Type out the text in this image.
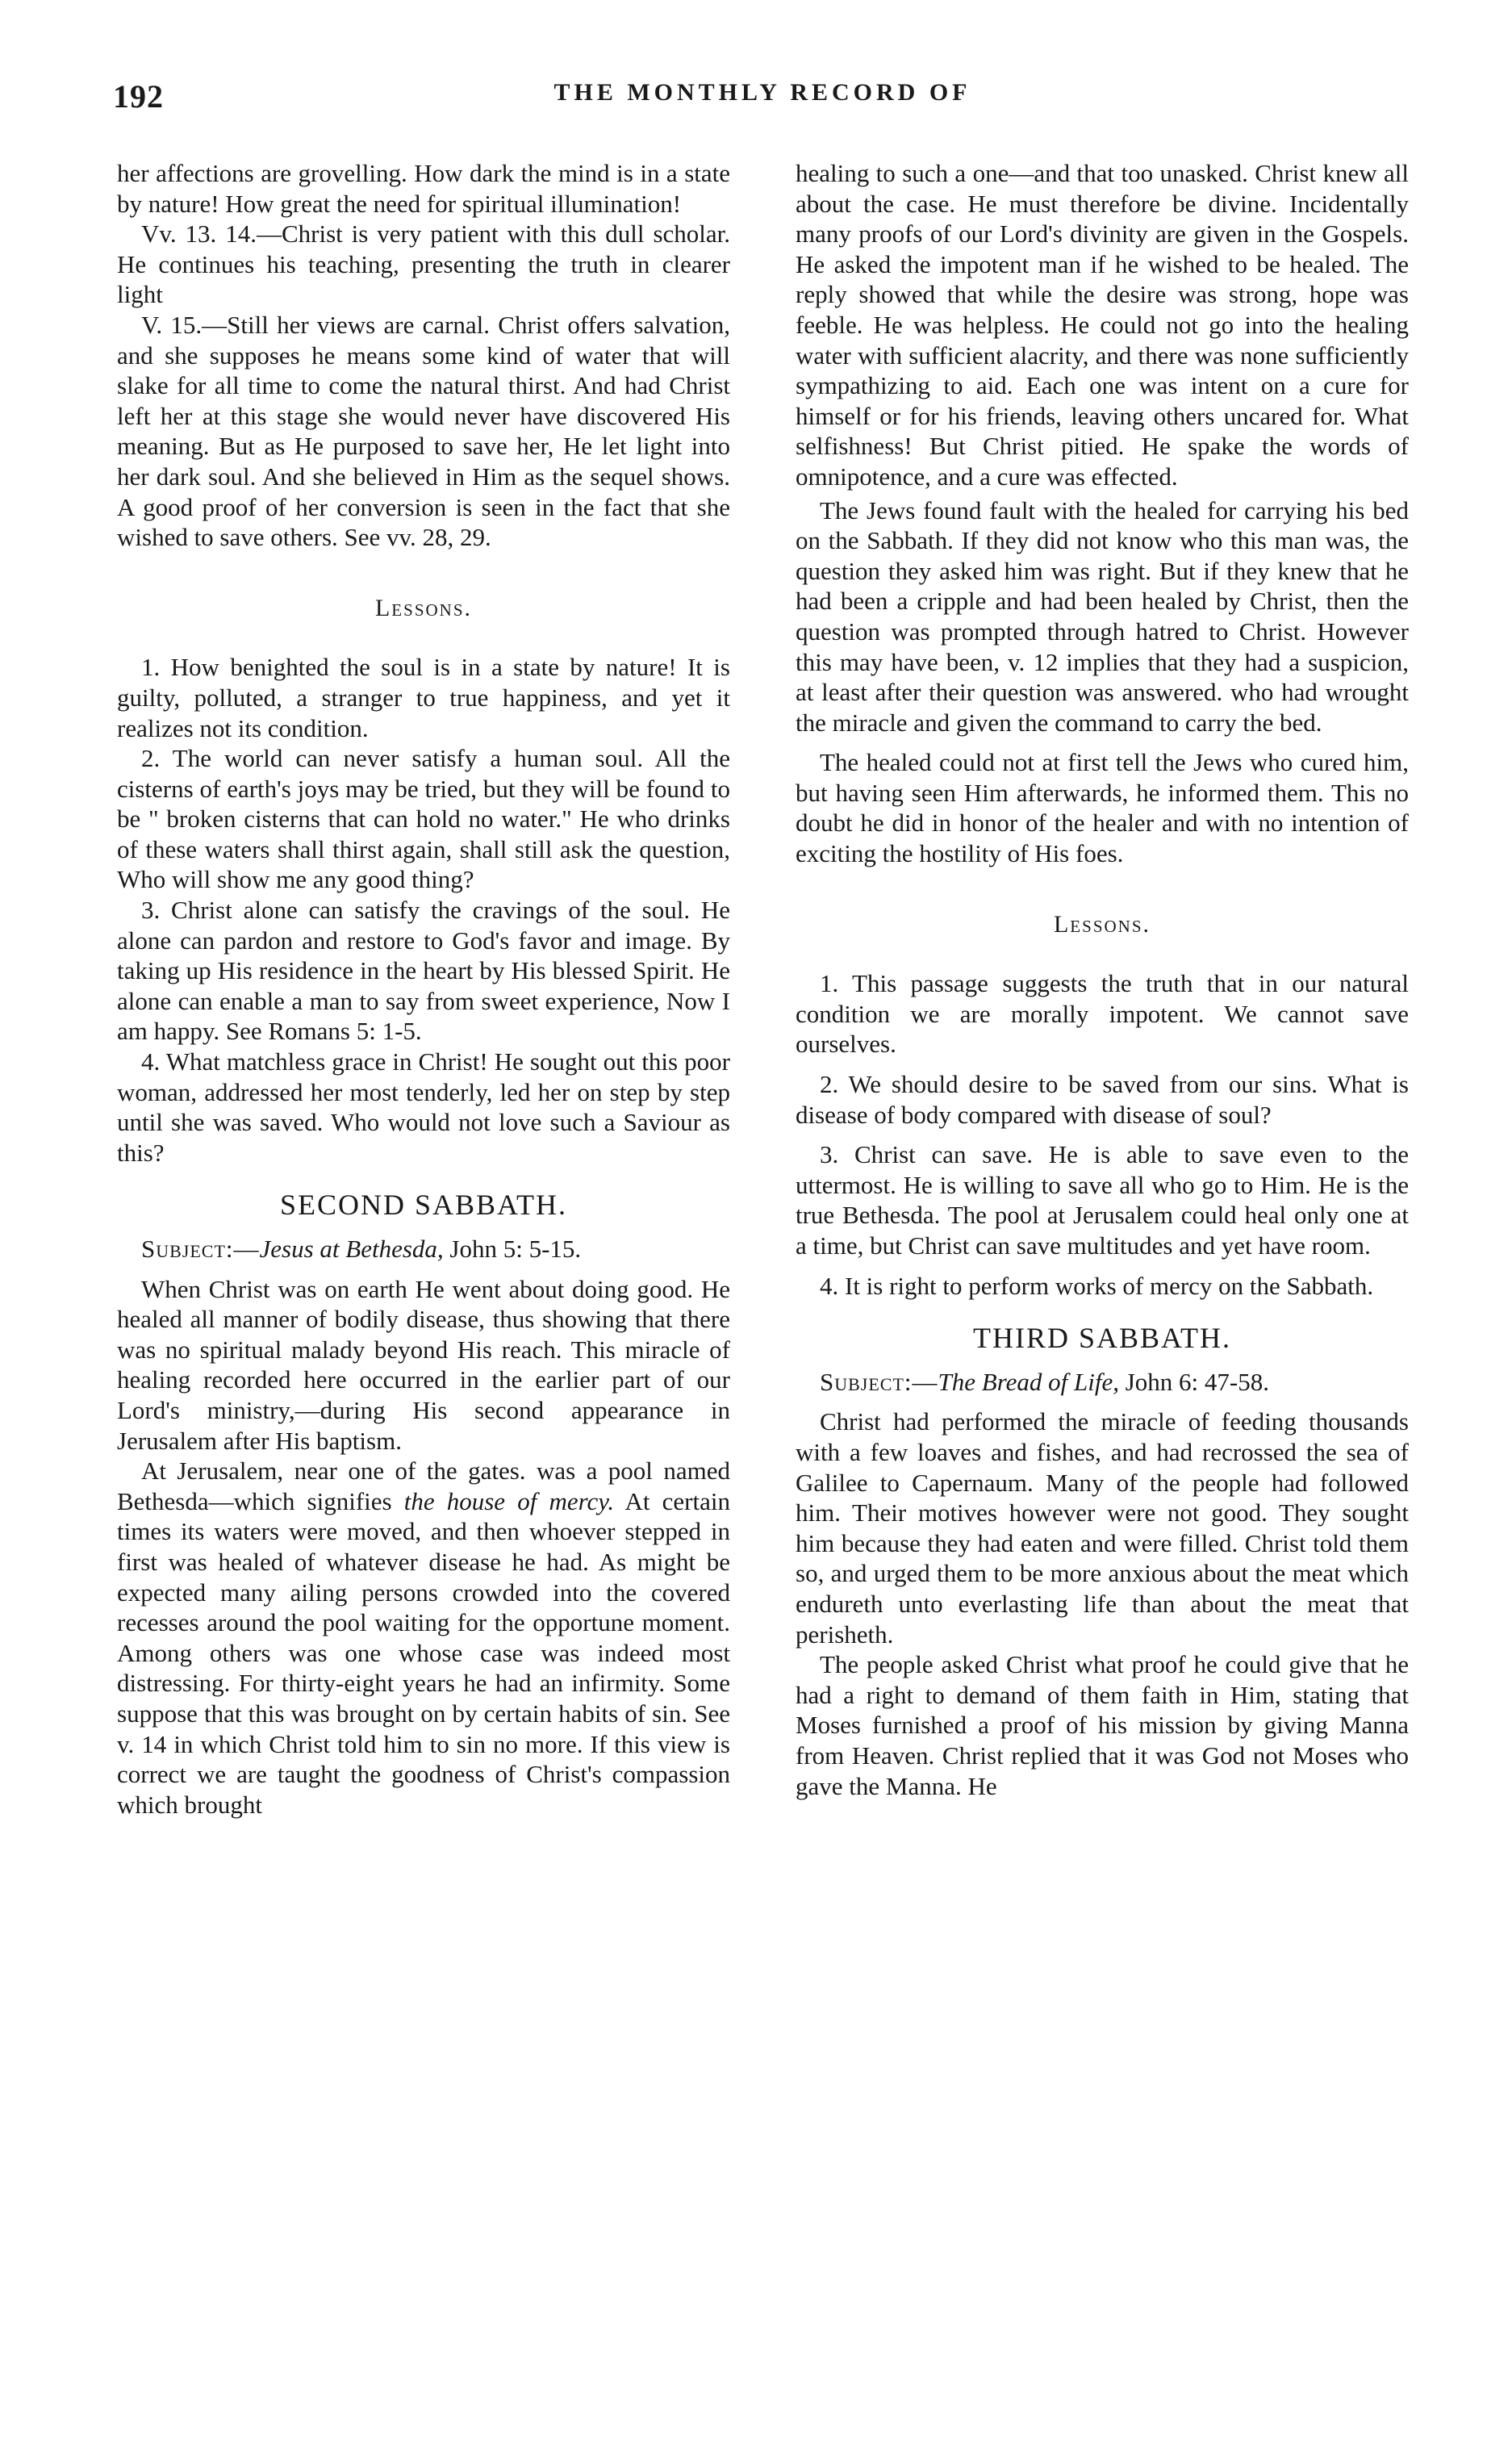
192	THE MONTHLY RECORD OF

her affections are grovelling. How dark the mind is in a state by nature! How great the need for spiritual illumination!

Vv. 13. 14.—Christ is very patient with this dull scholar. He continues his teaching, presenting the truth in clearer light

V. 15.—Still her views are carnal. Christ offers salvation, and she supposes he means some kind of water that will slake for all time to come the natural thirst. And had Christ left her at this stage she would never have discovered His meaning. But as He purposed to save her, He let light into her dark soul. And she believed in Him as the sequel shows. A good proof of her conversion is seen in the fact that she wished to save others. See vv. 28, 29.

Lessons.

1. How benighted the soul is in a state by nature! It is guilty, polluted, a stranger to true happiness, and yet it realizes not its condition.

2. The world can never satisfy a human soul. All the cisterns of earth's joys may be tried, but they will be found to be " broken cisterns that can hold no water." He who drinks of these waters shall thirst again, shall still ask the question, Who will show me any good thing?

3. Christ alone can satisfy the cravings of the soul. He alone can pardon and restore to God's favor and image. By taking up His residence in the heart by His blessed Spirit. He alone can enable a man to say from sweet experience, Now I am happy. See Romans 5: 1-5.

4. What matchless grace in Christ! He sought out this poor woman, addressed her most tenderly, led her on step by step until she was saved. Who would not love such a Saviour as this?

SECOND SABBATH.

Subject:—Jesus at Bethesda, John 5: 5-15.

When Christ was on earth He went about doing good. He healed all manner of bodily disease, thus showing that there was no spiritual malady beyond His reach. This miracle of healing recorded here occurred in the earlier part of our Lord's ministry,—during His second appearance in Jerusalem after His baptism.

At Jerusalem, near one of the gates. was a pool named Bethesda—which signifies the house of mercy. At certain times its waters were moved, and then whoever stepped in first was healed of whatever disease he had. As might be expected many ailing persons crowded into the covered recesses around the pool waiting for the opportune moment. Among others was one whose case was indeed most distressing. For thirty-eight years he had an infirmity. Some suppose that this was brought on by certain habits of sin. See v. 14 in which Christ told him to sin no more. If this view is correct we are taught the goodness of Christ's compassion which brought

healing to such a one—and that too unasked. Christ knew all about the case. He must therefore be divine. Incidentally many proofs of our Lord's divinity are given in the Gospels. He asked the impotent man if he wished to be healed. The reply showed that while the desire was strong, hope was feeble. He was helpless. He could not go into the healing water with sufficient alacrity, and there was none sufficiently sympathizing to aid. Each one was intent on a cure for himself or for his friends, leaving others uncared for. What selfishness! But Christ pitied. He spake the words of omnipotence, and a cure was effected.

The Jews found fault with the healed for carrying his bed on the Sabbath. If they did not know who this man was, the question they asked him was right. But if they knew that he had been a cripple and had been healed by Christ, then the question was prompted through hatred to Christ. However this may have been, v. 12 implies that they had a suspicion, at least after their question was answered. who had wrought the miracle and given the command to carry the bed.

The healed could not at first tell the Jews who cured him, but having seen Him afterwards, he informed them. This no doubt he did in honor of the healer and with no intention of exciting the hostility of His foes.

Lessons.

1. This passage suggests the truth that in our natural condition we are morally impotent. We cannot save ourselves.

2. We should desire to be saved from our sins. What is disease of body compared with disease of soul?

3. Christ can save. He is able to save even to the uttermost. He is willing to save all who go to Him. He is the true Bethesda. The pool at Jerusalem could heal only one at a time, but Christ can save multitudes and yet have room.

4. It is right to perform works of mercy on the Sabbath.

THIRD SABBATH.

Subject:—The Bread of Life, John 6: 47-58.

Christ had performed the miracle of feeding thousands with a few loaves and fishes, and had recrossed the sea of Galilee to Capernaum. Many of the people had followed him. Their motives however were not good. They sought him because they had eaten and were filled. Christ told them so, and urged them to be more anxious about the meat which endureth unto everlasting life than about the meat that perisheth.

The people asked Christ what proof he could give that he had a right to demand of them faith in Him, stating that Moses furnished a proof of his mission by giving Manna from Heaven. Christ replied that it was God not Moses who gave the Manna. He
